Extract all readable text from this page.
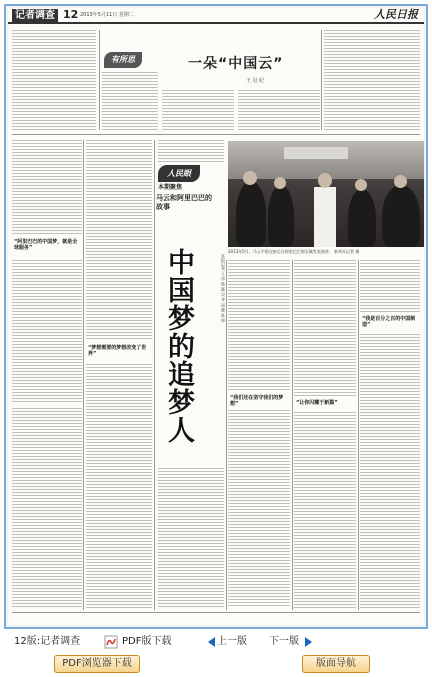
记者调查 12 2013年5月11日 星期二	人民日报
有所思	一朵“中国云”
王 冠 纪
“阿里巴巴的中国梦，就是全球服务”
“梦想需要的梦想改变了世界”
人民眼
本期聚焦
马云和阿里巴巴的故事
中国梦的追梦人
本报记者 王 冰 韩 鑫 吴 齐 赵 珊 陈 坤
2013年5月，马云平稳交接后在阿里巴巴淘宝城发表演讲。 新华社记者 摄
“我们还在坚守我们的梦想”	“让你闪耀于新篇”
“我是百分之百的中国制造”
12版:记者调查	PDF版下载	上一版 下一版
PDF浏览器下载	版面导航
